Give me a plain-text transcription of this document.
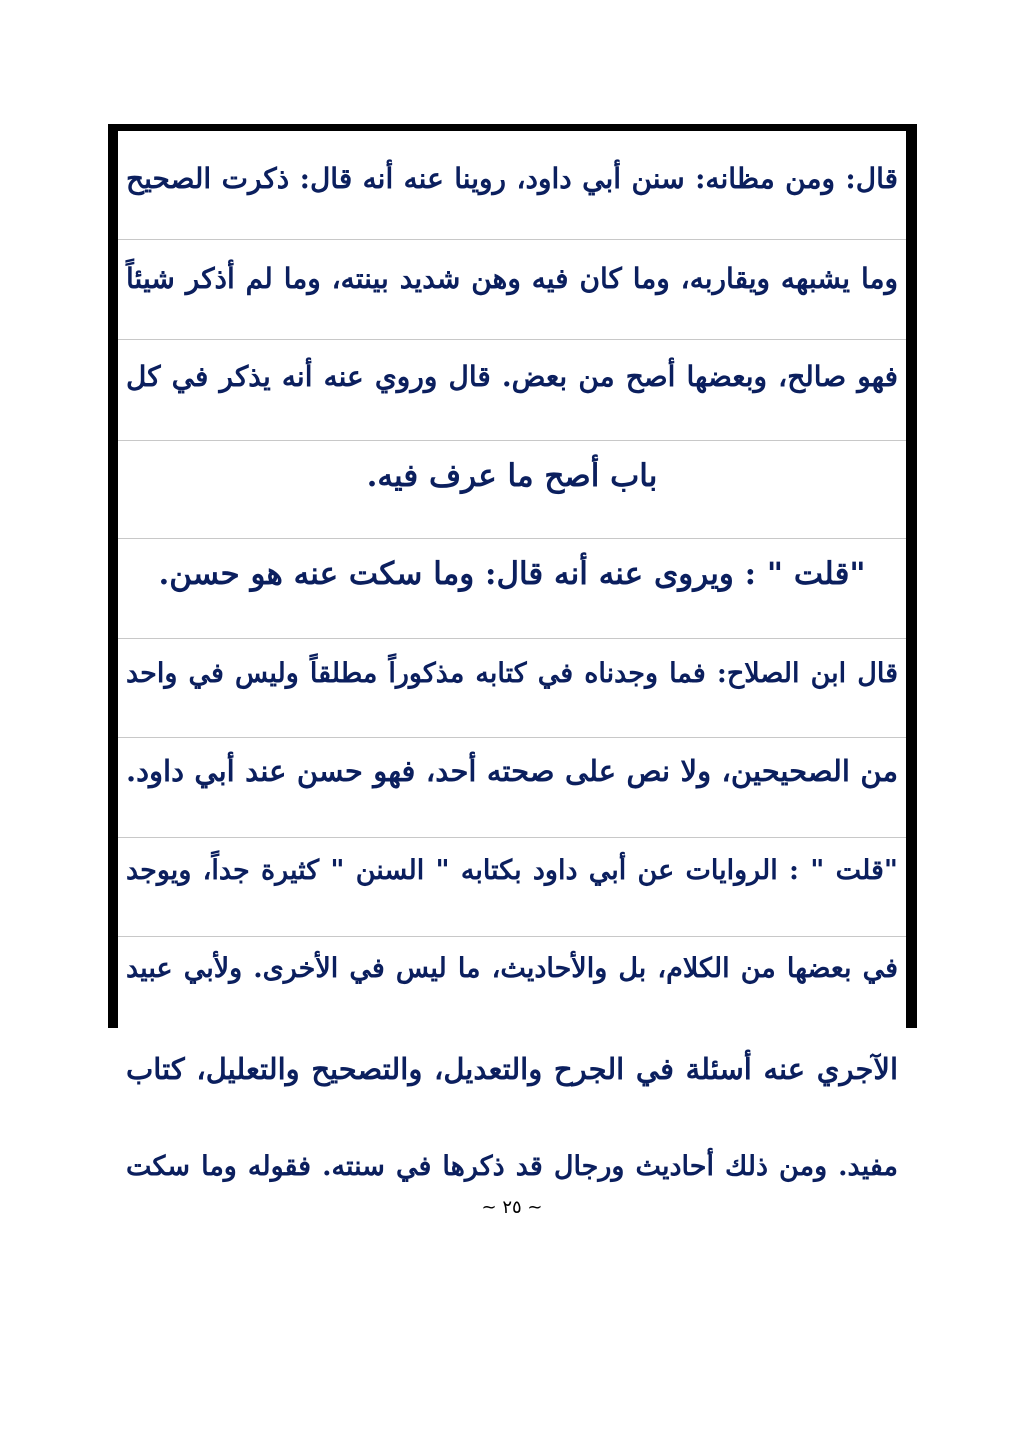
قال: ومن مظانه: سنن أبي داود، روينا عنه أنه قال: ذكرت الصحيح
وما يشبهه ويقاربه، وما كان فيه وهن شديد بينته، وما لم أذكر شيئاً
فهو صالح، وبعضها أصح من بعض. قال وروي عنه أنه يذكر في كل
باب أصح ما عرف فيه.
"قلت " : ويروى عنه أنه قال: وما سكت عنه هو حسن.
قال ابن الصلاح: فما وجدناه في كتابه مذكوراً مطلقاً وليس في واحد
من الصحيحين، ولا نص على صحته أحد، فهو حسن عند أبي داود.
"قلت " : الروايات عن أبي داود بكتابه " السنن " كثيرة جداً، ويوجد
في بعضها من الكلام، بل والأحاديث، ما ليس في الأخرى. ولأبي عبيد
الآجري عنه أسئلة في الجرح والتعديل، والتصحيح والتعليل، كتاب
مفيد. ومن ذلك أحاديث ورجال قد ذكرها في سنته. فقوله وما سكت
~ ٢٥ ~
